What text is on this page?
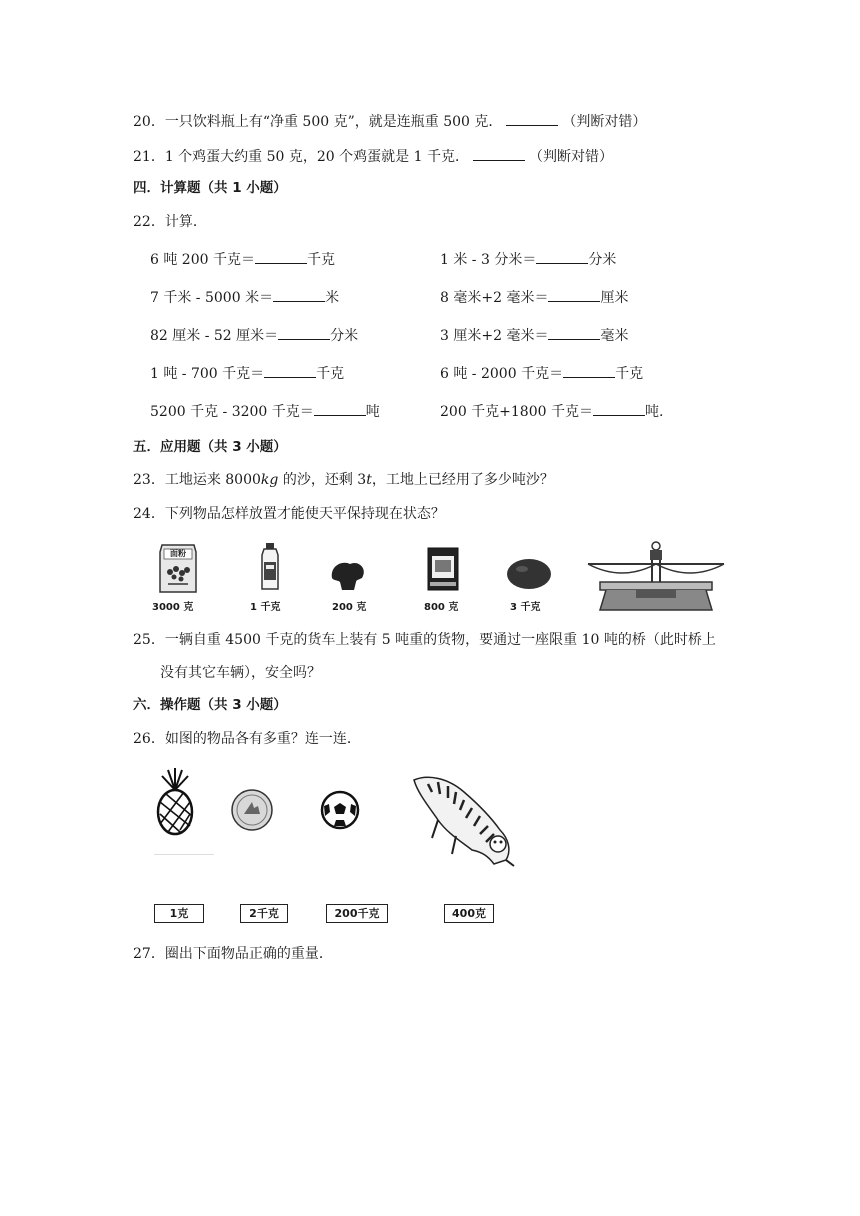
20．一只饮料瓶上有“净重 500 克”，就是连瓶重 500 克．	（判断对错）
21．1 个鸡蛋大约重 50 克，20 个鸡蛋就是 1 千克．	（判断对错）
四．计算题（共 1 小题）
22．计算．
6 吨 200 千克＝	千克	1 米 - 3 分米＝	分米
7 千米 - 5000 米＝	米	8 毫米+2 毫米＝	厘米
82 厘米 - 52 厘米＝	分米	3 厘米+2 毫米＝	毫米
1 吨 - 700 千克＝	千克	6 吨 - 2000 千克＝	千克
5200 千克 - 3200 千克＝	吨	200 千克+1800 千克＝	吨.
五．应用题（共 3 小题）
23．工地运来 8000kg 的沙，还剩 3t，工地上已经用了多少吨沙？
24．下列物品怎样放置才能使天平保持现在状态？
面粉
3000 克	1 千克	200 克	800 克	3 千克
25．一辆自重 4500 千克的货车上装有 5 吨重的货物，要通过一座限重 10 吨的桥（此时桥上
没有其它车辆），安全吗？
六．操作题（共 3 小题）
26．如图的物品各有多重？连一连．
1克	2千克	200千克	400克
27．圈出下面物品正确的重量．
